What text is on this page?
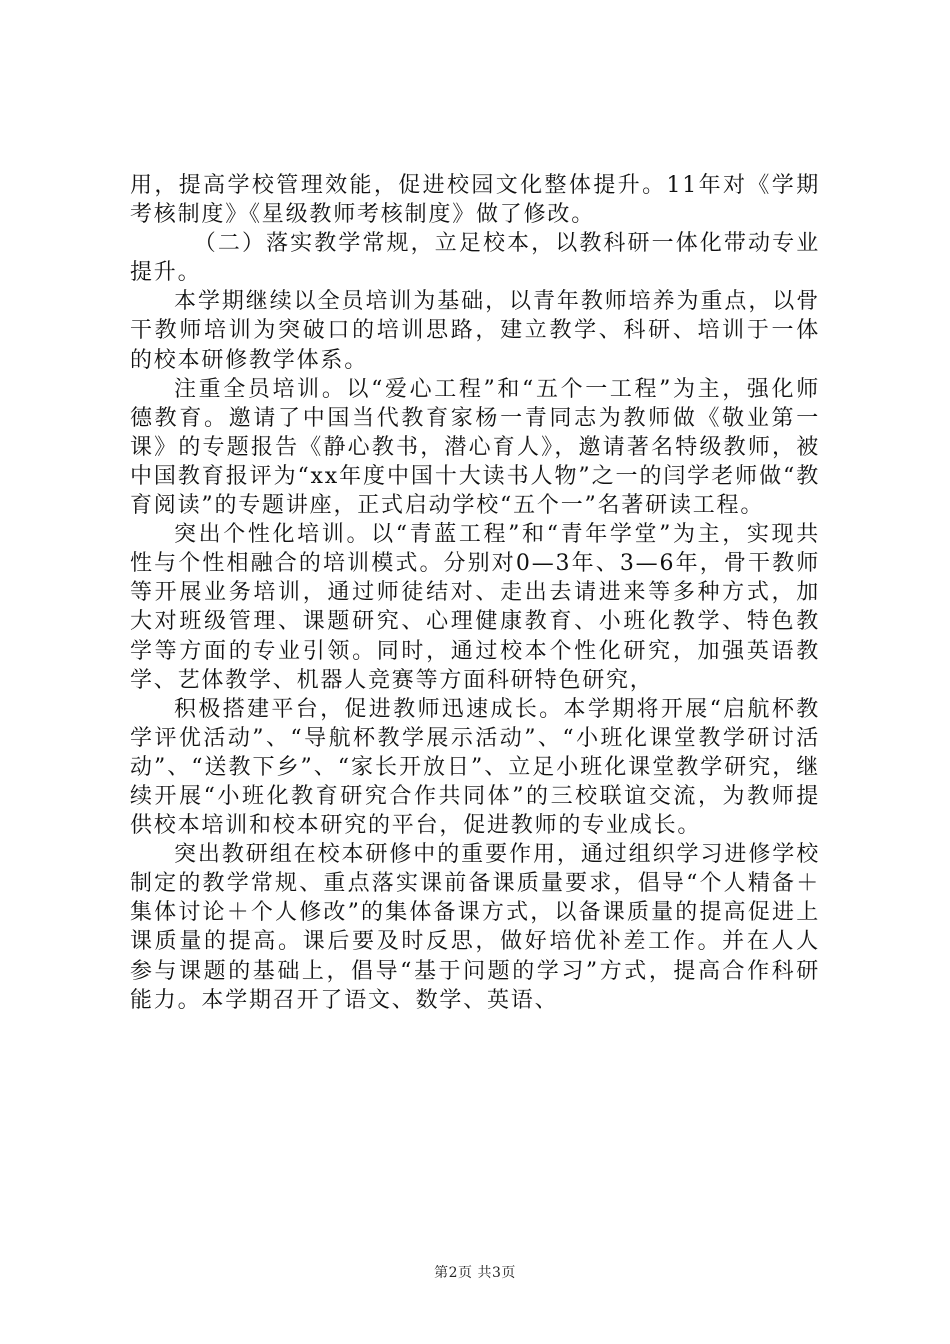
用，提高学校管理效能，促进校园文化整体提升。11年对《学期考核制度》《星级教师考核制度》做了修改。

（二）落实教学常规，立足校本，以教科研一体化带动专业提升。

本学期继续以全员培训为基础，以青年教师培养为重点，以骨干教师培训为突破口的培训思路，建立教学、科研、培训于一体的校本研修教学体系。

注重全员培训。以“爱心工程”和“五个一工程”为主，强化师德教育。邀请了中国当代教育家杨一青同志为教师做《敬业第一课》的专题报告《静心教书，潜心育人》，邀请著名特级教师，被中国教育报评为“xx年度中国十大读书人物”之一的闫学老师做“教育阅读”的专题讲座，正式启动学校“五个一”名著研读工程。

突出个性化培训。以“青蓝工程”和“青年学堂”为主，实现共性与个性相融合的培训模式。分别对0—3年、3—6年，骨干教师等开展业务培训，通过师徒结对、走出去请进来等多种方式，加大对班级管理、课题研究、心理健康教育、小班化教学、特色教学等方面的专业引领。同时，通过校本个性化研究，加强英语教学、艺体教学、机器人竞赛等方面科研特色研究，

积极搭建平台，促进教师迅速成长。本学期将开展“启航杯教学评优活动”、“导航杯教学展示活动”、“小班化课堂教学研讨活动”、“送教下乡”、“家长开放日”、立足小班化课堂教学研究，继续开展“小班化教育研究合作共同体”的三校联谊交流，为教师提供校本培训和校本研究的平台，促进教师的专业成长。

突出教研组在校本研修中的重要作用，通过组织学习进修学校制定的教学常规、重点落实课前备课质量要求，倡导“个人精备＋集体讨论＋个人修改”的集体备课方式，以备课质量的提高促进上课质量的提高。课后要及时反思，做好培优补差工作。并在人人参与课题的基础上，倡导“基于问题的学习”方式，提高合作科研能力。本学期召开了语文、数学、英语、

第2页 共3页
